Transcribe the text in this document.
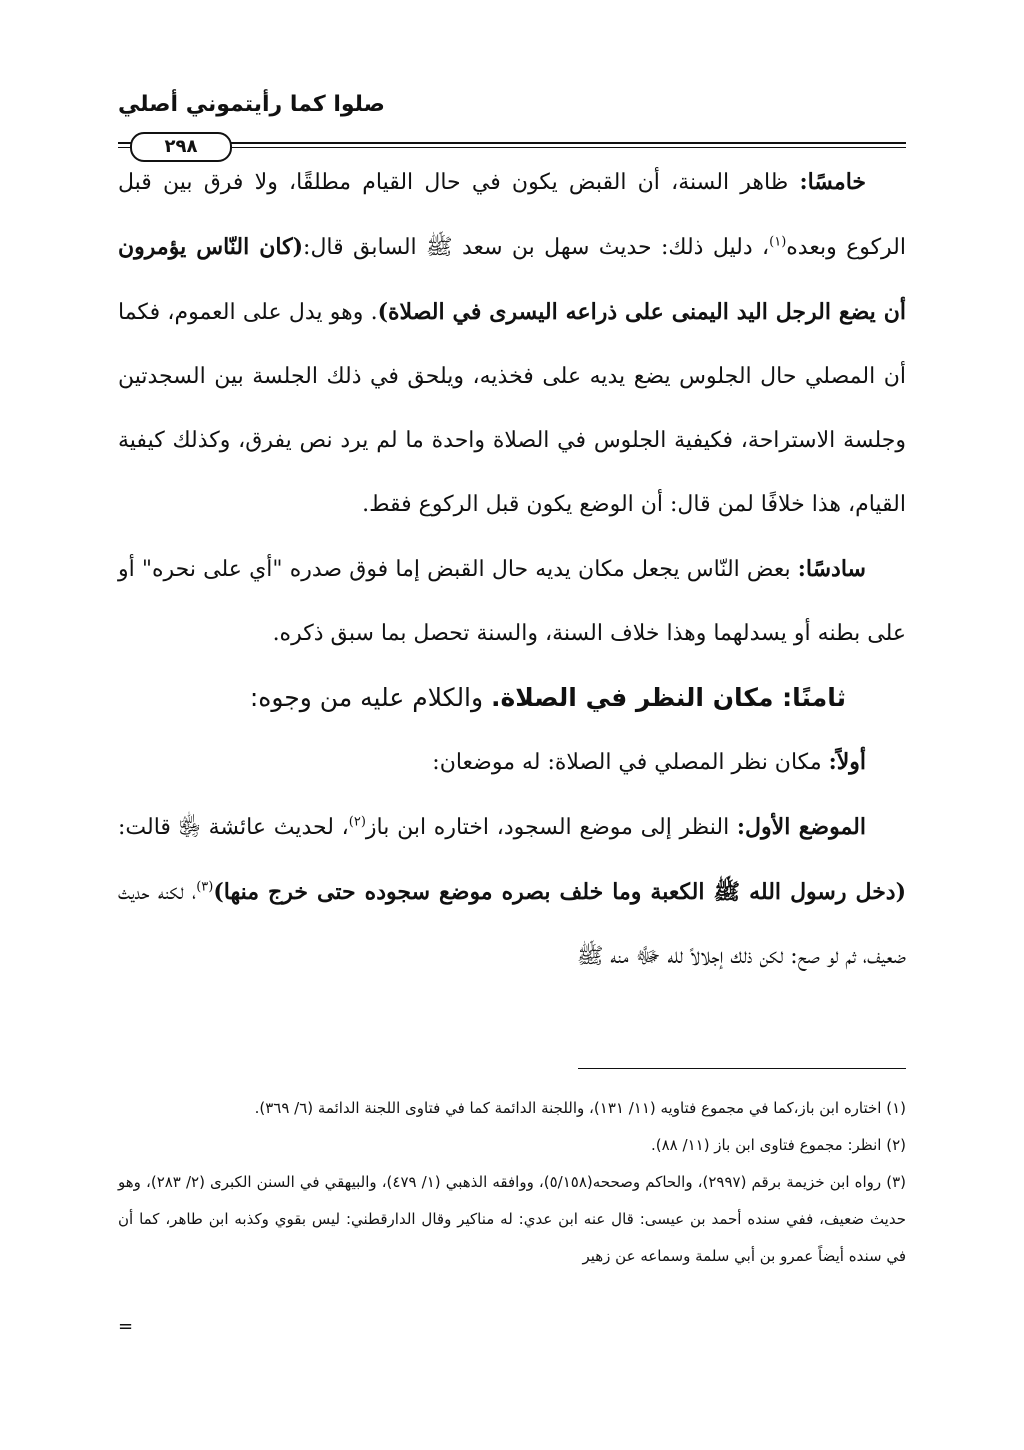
صلوا كما رأيتموني أصلي
٢٩٨

خامسًا: ظاهر السنة، أن القبض يكون في حال القيام مطلقًا، ولا فرق بين قبل الركوع وبعده$^{(١)}$، دليل ذلك: حديث سهل بن سعد ﷺ السابق قال:(كان النّاس يؤمرون أن يضع الرجل اليد اليمنى على ذراعه اليسرى في الصلاة). وهو يدل على العموم، فكما أن المصلي حال الجلوس يضع يديه على فخذيه، ويلحق في ذلك الجلسة بين السجدتين وجلسة الاستراحة، فكيفية الجلوس في الصلاة واحدة ما لم يرد نص يفرق، وكذلك كيفية القيام، هذا خلافًا لمن قال: أن الوضع يكون قبل الركوع فقط.

سادسًا: بعض النّاس يجعل مكان يديه حال القبض إما فوق صدره "أي على نحره" أو على بطنه أو يسدلهما وهذا خلاف السنة، والسنة تحصل بما سبق ذكره.

ثامنًا: مكان النظر في الصلاة. والكلام عليه من وجوه:

أولاً: مكان نظر المصلي في الصلاة: له موضعان:

الموضع الأول: النظر إلى موضع السجود، اختاره ابن باز$^{(٢)}$، لحديث عائشة ﵂ قالت: (دخل رسول الله ﷺ الكعبة وما خلف بصره موضع سجوده حتى خرج منها)$^{(٣)}$، لكنه حديث ضعيف، ثم لو صح: لكن ذلك إجلالاً لله ﷻ منه ﷺ

(١) اختاره ابن باز،كما في مجموع فتاويه (١١/ ١٣١)، واللجنة الدائمة كما في فتاوى اللجنة الدائمة (٦/ ٣٦٩).

(٢) انظر: مجموع فتاوى ابن باز (١١/ ٨٨).

(٣) رواه ابن خزيمة برقم (٢٩٩٧)، والحاكم وصححه(٥/١٥٨)، ووافقه الذهبي (١/ ٤٧٩)، والبيهقي في السنن الكبرى (٢/ ٢٨٣)، وهو حديث ضعيف، ففي سنده أحمد بن عيسى: قال عنه ابن عدي: له مناكير وقال الدارقطني: ليس بقوي وكذبه ابن طاهر، كما أن في سنده أيضاً عمرو بن أبي سلمة وسماعه عن زهير

=
